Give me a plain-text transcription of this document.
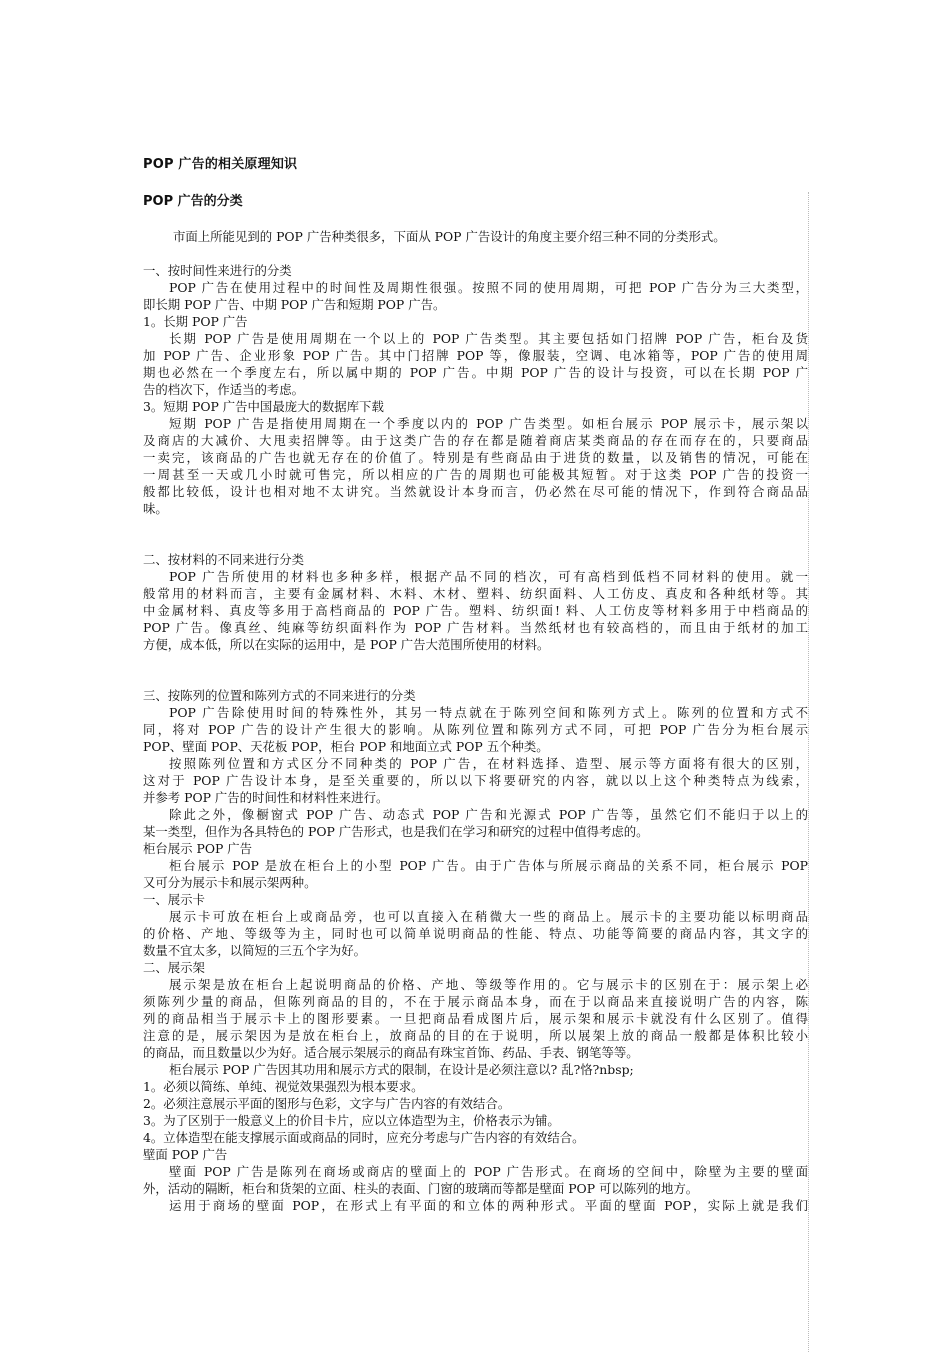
POP 广告的相关原理知识
POP 广告的分类
市面上所能见到的 POP 广告种类很多，下面从 POP 广告设计的角度主要介绍三种不同的分类形式。
一、按时间性来进行的分类
POP 广告在使用过程中的时间性及周期性很强。按照不同的使用周期，可把 POP 广告分为三大类型，
即长期 POP 广告、中期 POP 广告和短期 POP 广告。
1。长期 POP 广告
长期 POP 广告是使用周期在一个以上的 POP 广告类型。其主要包括如门招牌 POP 广告，柜台及货
加 POP 广告、企业形象 POP 广告。其中门招牌 POP 等，像服装，空调、电冰箱等，POP 广告的使用周
期也必然在一个季度左右，所以属中期的 POP 广告。中期 POP 广告的设计与投资，可以在长期 POP 广
告的档次下，作适当的考虑。
3。短期 POP 广告中国最庞大的数据库下载
短期 POP 广告是指使用周期在一个季度以内的 POP 广告类型。如柜台展示 POP 展示卡，展示架以
及商店的大减价、大甩卖招牌等。由于这类广告的存在都是随着商店某类商品的存在而存在的，只要商品
一卖完，该商品的广告也就无存在的价值了。特别是有些商品由于进货的数量，以及销售的情况，可能在
一周甚至一天或几小时就可售完，所以相应的广告的周期也可能极其短暂。对于这类 POP 广告的投资一
般都比较低，设计也相对地不太讲究。当然就设计本身而言，仍必然在尽可能的情况下，作到符合商品品
味。
二、按材料的不同来进行分类
POP 广告所使用的材料也多种多样，根据产品不同的档次，可有高档到低档不同材料的使用。就一
般常用的材料而言，主要有金属材料、木料、木材、塑料、纺织面料、人工仿皮、真皮和各种纸材等。其
中金属材料、真皮等多用于高档商品的 POP 广告。塑料、纺织面! 料、人工仿皮等材料多用于中档商品的
POP 广告。像真丝、纯麻等纺织面料作为 POP 广告材料。当然纸材也有较高档的，而且由于纸材的加工
方便，成本低，所以在实际的运用中，是 POP 广告大范围所使用的材料。
三、按陈列的位置和陈列方式的不同来进行的分类
POP 广告除使用时间的特殊性外，其另一特点就在于陈列空间和陈列方式上。陈列的位置和方式不
同，将对 POP 广告的设计产生很大的影响。从陈列位置和陈列方式不同，可把 POP 广告分为柜台展示
POP、壁面 POP、天花板 POP，柜台 POP 和地面立式 POP 五个种类。
按照陈列位置和方式区分不同种类的 POP 广告，在材料选择、造型、展示等方面将有很大的区别，
这对于 POP 广告设计本身，是至关重要的，所以以下将要研究的内容，就以以上这个种类特点为线索，
并参考 POP 广告的时间性和材料性来进行。
除此之外，像橱窗式 POP 广告、动态式 POP 广告和光源式 POP 广告等，虽然它们不能归于以上的
某一类型，但作为各具特色的 POP 广告形式，也是我们在学习和研究的过程中值得考虑的。
柜台展示 POP 广告
柜台展示 POP 是放在柜台上的小型 POP 广告。由于广告体与所展示商品的关系不同，柜台展示 POP
又可分为展示卡和展示架两种。
一、展示卡
展示卡可放在柜台上或商品旁，也可以直接入在稍微大一些的商品上。展示卡的主要功能以标明商品
的价格、产地、等级等为主，同时也可以简单说明商品的性能、特点、功能等简要的商品内容，其文字的
数量不宜太多，以简短的三五个字为好。
二、展示架
展示架是放在柜台上起说明商品的价格、产地、等级等作用的。它与展示卡的区别在于：展示架上必
须陈列少量的商品，但陈列商品的目的，不在于展示商品本身，而在于以商品来直接说明广告的内容，陈
列的商品相当于展示卡上的图形要素。一旦把商品看成图片后，展示架和展示卡就没有什么区别了。值得
注意的是，展示架因为是放在柜台上，放商品的目的在于说明，所以展架上放的商品一般都是体积比较小
的商品，而且数量以少为好。适合展示架展示的商品有珠宝首饰、药品、手表、钢笔等等。
柜台展示 POP 广告因其功用和展示方式的限制，在设计是必须注意以? 乱?恪?nbsp;
1。必须以简练、单纯、视觉效果强烈为根本要求。
2。必须注意展示平面的图形与色彩，文字与广告内容的有效结合。
3。为了区别于一般意义上的价目卡片，应以立体造型为主，价格表示为铺。
4。立体造型在能支撑展示面或商品的同时，应充分考虑与广告内容的有效结合。
壁面 POP 广告
壁面 POP 广告是陈列在商场或商店的壁面上的 POP 广告形式。在商场的空间中，除壁为主要的壁面
外，活动的隔断，柜台和货架的立面、柱头的表面、门窗的玻璃而等都是壁面 POP 可以陈列的地方。
运用于商场的壁面 POP，在形式上有平面的和立体的两种形式。平面的壁面 POP，实际上就是我们
